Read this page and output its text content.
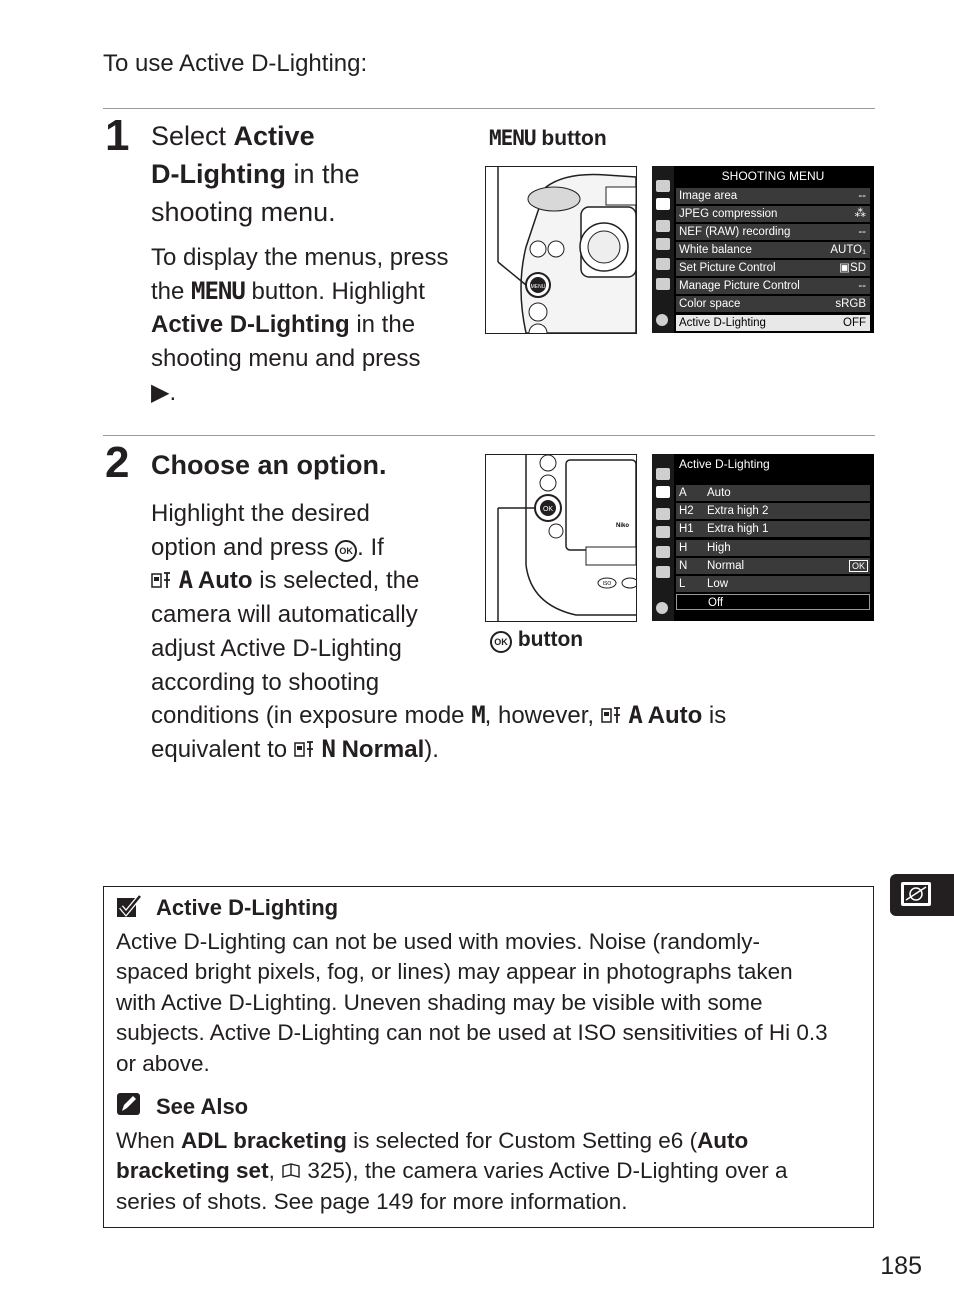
To use Active D-Lighting:
1 Select Active
D-Lighting in the
shooting menu.
To display the menus, press
the MENU button. Highlight
Active D-Lighting in the
shooting menu and press
▶.
MENU button
MENU
SHOOTING MENU
Image area	--
JPEG compression	⁂
NEF (RAW) recording	--
White balance	AUTO₁
Set Picture Control	▣SD
Manage Picture Control	--
Color space	sRGB
Active D-Lighting	OFF
2 Choose an option.
Highlight the desired
option and press OK . If
A Auto is selected, the
camera will automatically
adjust Active D-Lighting
according to shooting
conditions (in exposure mode M, however,  A Auto is
equivalent to  N Normal).
OK
ISO
Niko
OK button
Active D-Lighting
A Auto
H2 Extra high 2
H1 Extra high 1
H High
N Normal	OK
L Low
Off
Active D-Lighting
Active D-Lighting can not be used with movies. Noise (randomly-
spaced bright pixels, fog, or lines) may appear in photographs taken
with Active D-Lighting. Uneven shading may be visible with some
subjects. Active D-Lighting can not be used at ISO sensitivities of Hi 0.3
or above.
See Also
When ADL bracketing is selected for Custom Setting e6 (Auto
bracketing set,  325), the camera varies Active D-Lighting over a
series of shots. See page 149 for more information.
185
